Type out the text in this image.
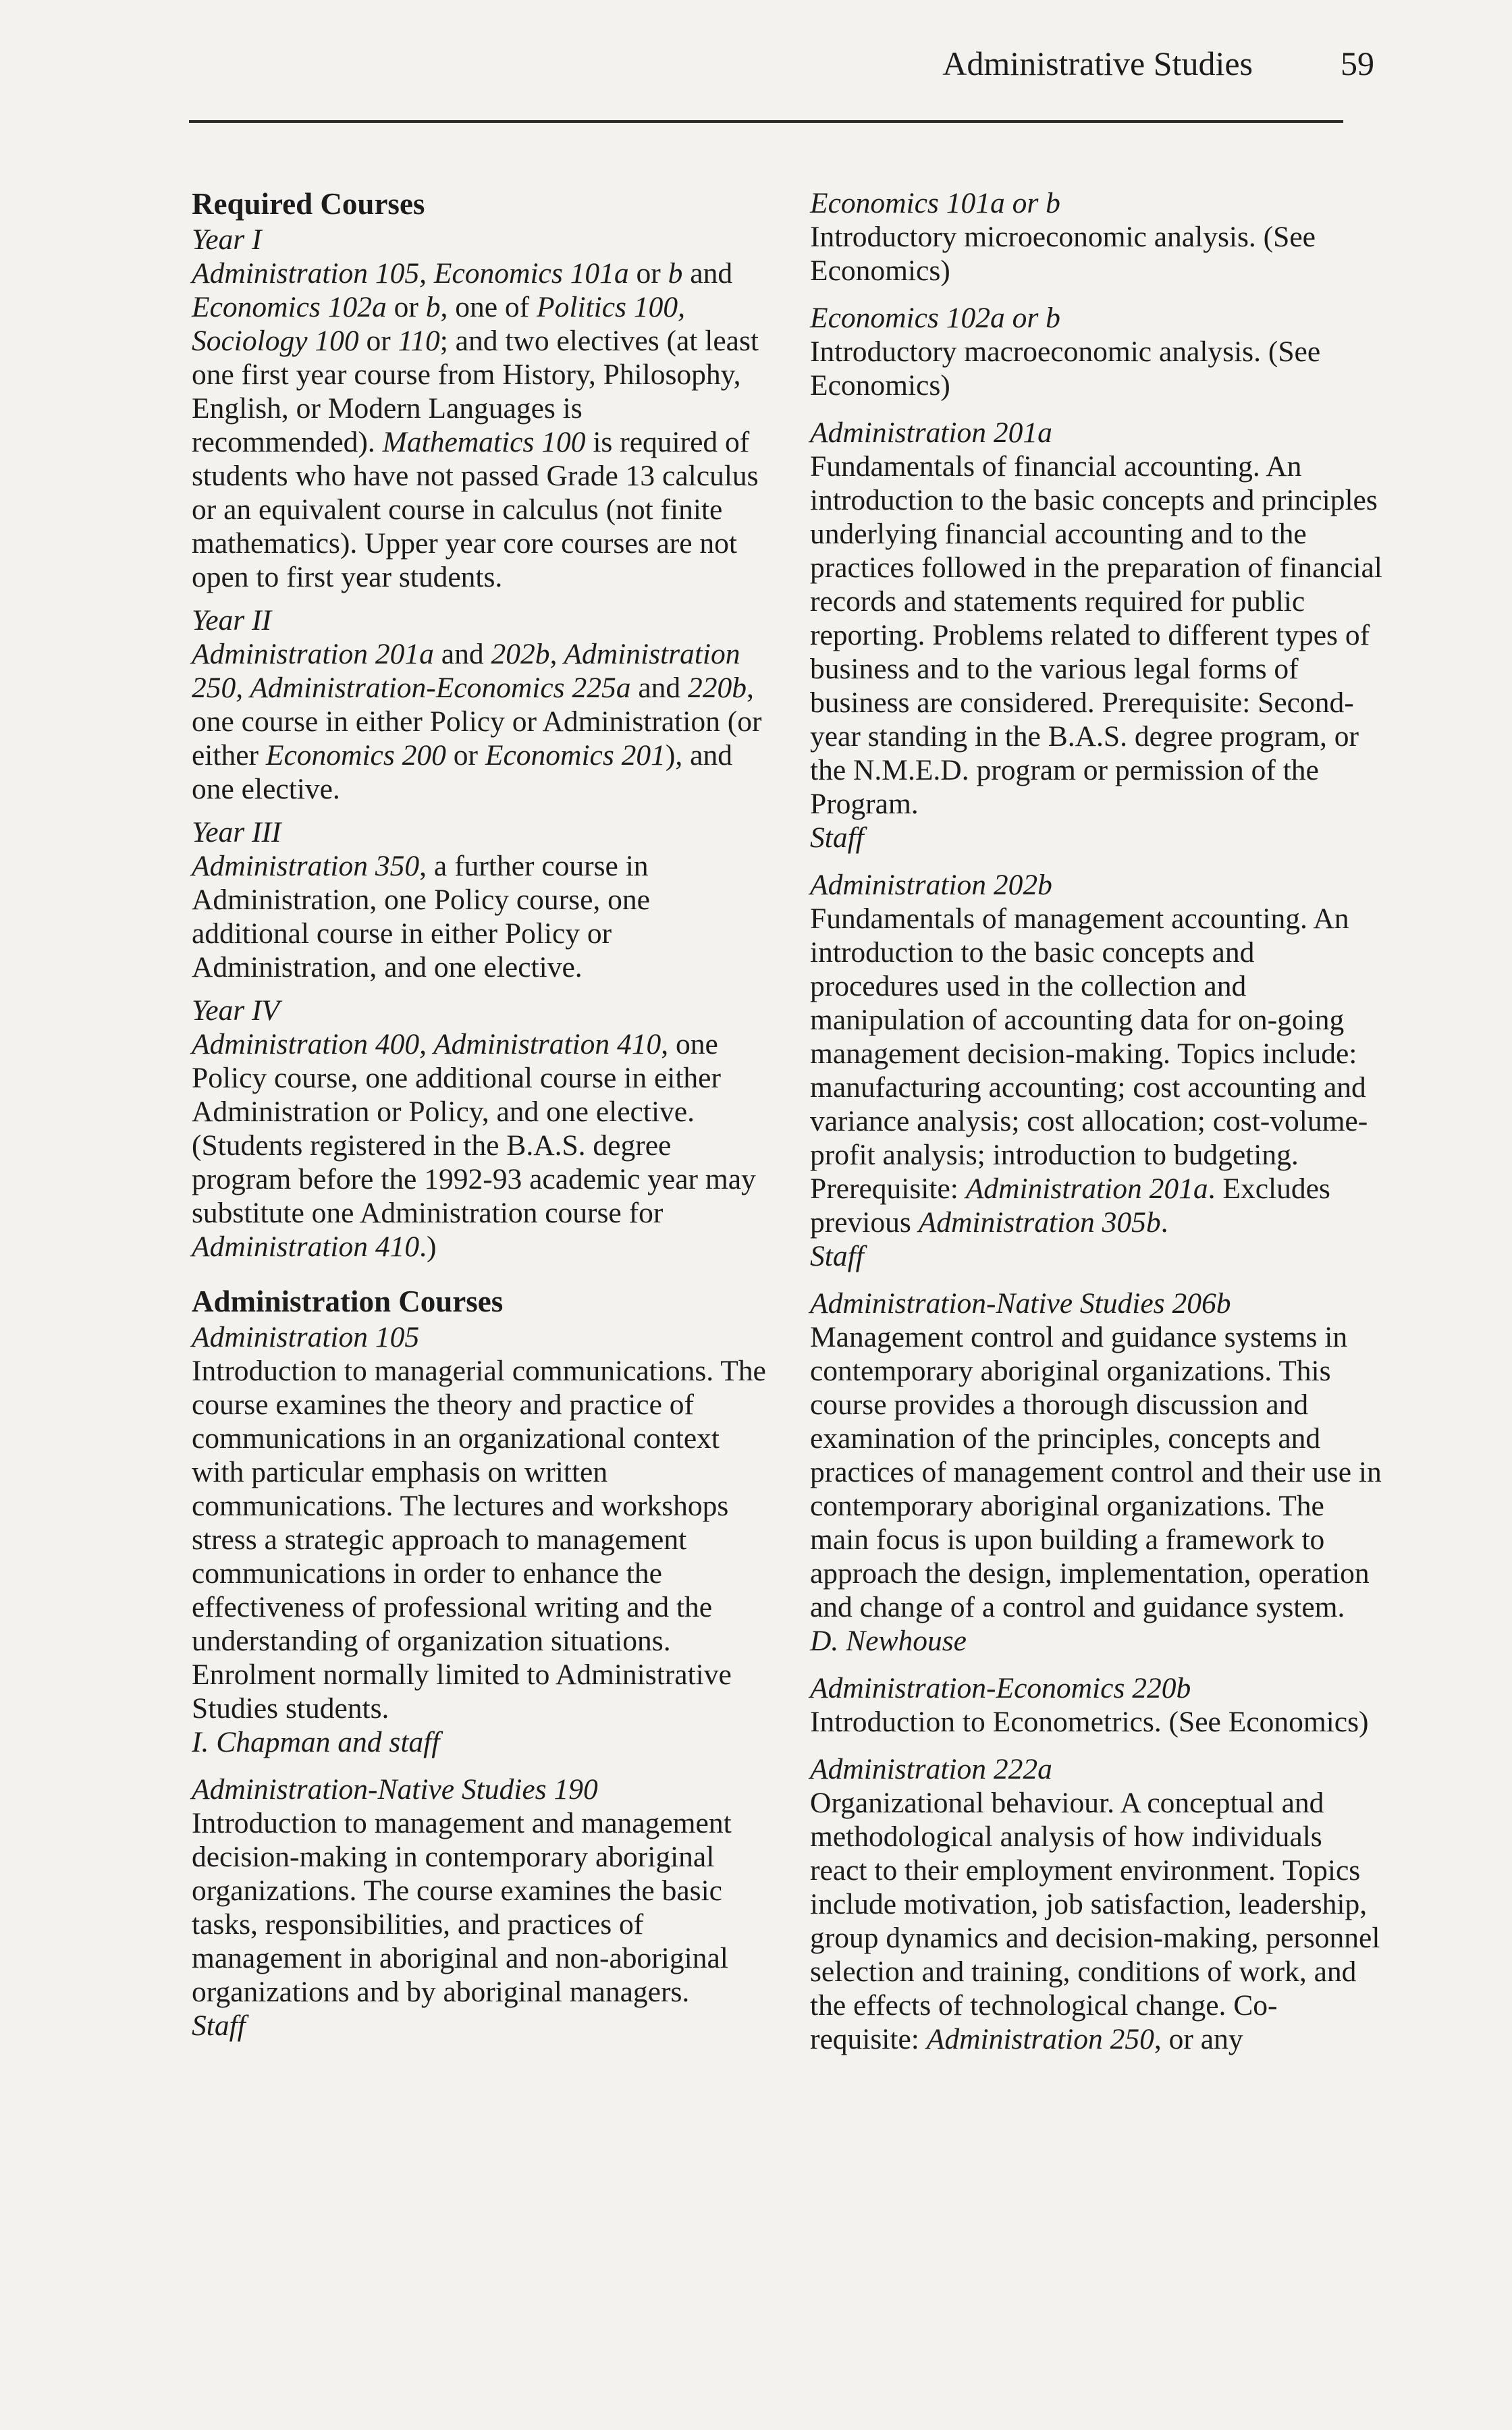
Administrative Studies	59
Required Courses
Year I

Administration 105, Economics 101a or b and Economics 102a or b, one of Politics 100, Sociology 100 or 110; and two electives (at least one first year course from History, Philosophy, English, or Modern Languages is recommended). Mathematics 100 is required of students who have not passed Grade 13 calculus or an equivalent course in calculus (not finite mathematics). Upper year core courses are not open to first year students.

Year II

Administration 201a and 202b, Administration 250, Administration-Economics 225a and 220b, one course in either Policy or Administration (or either Economics 200 or Economics 201), and one elective.

Year III

Administration 350, a further course in Administration, one Policy course, one additional course in either Policy or Administration, and one elective.

Year IV

Administration 400, Administration 410, one Policy course, one additional course in either Administration or Policy, and one elective. (Students registered in the B.A.S. degree program before the 1992-93 academic year may substitute one Administration course for Administration 410.)

Administration Courses
Administration 105

Introduction to managerial communications. The course examines the theory and practice of communications in an organizational context with particular emphasis on written communications. The lectures and workshops stress a strategic approach to management communications in order to enhance the effectiveness of professional writing and the understanding of organization situations. Enrolment normally limited to Administrative Studies students.

I. Chapman and staff
Administration-Native Studies 190

Introduction to management and management decision-making in contemporary aboriginal organizations. The course examines the basic tasks, responsibilities, and practices of management in aboriginal and non-aboriginal organizations and by aboriginal managers.

Staff
Economics 101a or b

Introductory microeconomic analysis. (See Economics)

Economics 102a or b

Introductory macroeconomic analysis. (See Economics)

Administration 201a

Fundamentals of financial accounting. An introduction to the basic concepts and principles underlying financial accounting and to the practices followed in the preparation of financial records and statements required for public reporting. Problems related to different types of business and to the various legal forms of business are considered. Prerequisite: Second-year standing in the B.A.S. degree program, or the N.M.E.D. program or permission of the Program.

Staff
Administration 202b

Fundamentals of management accounting. An introduction to the basic concepts and procedures used in the collection and manipulation of accounting data for on-going management decision-making. Topics include: manufacturing accounting; cost accounting and variance analysis; cost allocation; cost-volume-profit analysis; introduction to budgeting. Prerequisite: Administration 201a. Excludes previous Administration 305b.

Staff
Administration-Native Studies 206b

Management control and guidance systems in contemporary aboriginal organizations. This course provides a thorough discussion and examination of the principles, concepts and practices of management control and their use in contemporary aboriginal organizations. The main focus is upon building a framework to approach the design, implementation, operation and change of a control and guidance system.

D. Newhouse
Administration-Economics 220b

Introduction to Econometrics. (See Economics)

Administration 222a

Organizational behaviour. A conceptual and methodological analysis of how individuals react to their employment environment. Topics include motivation, job satisfaction, leadership, group dynamics and decision-making, personnel selection and training, conditions of work, and the effects of technological change. Co-requisite: Administration 250, or any
